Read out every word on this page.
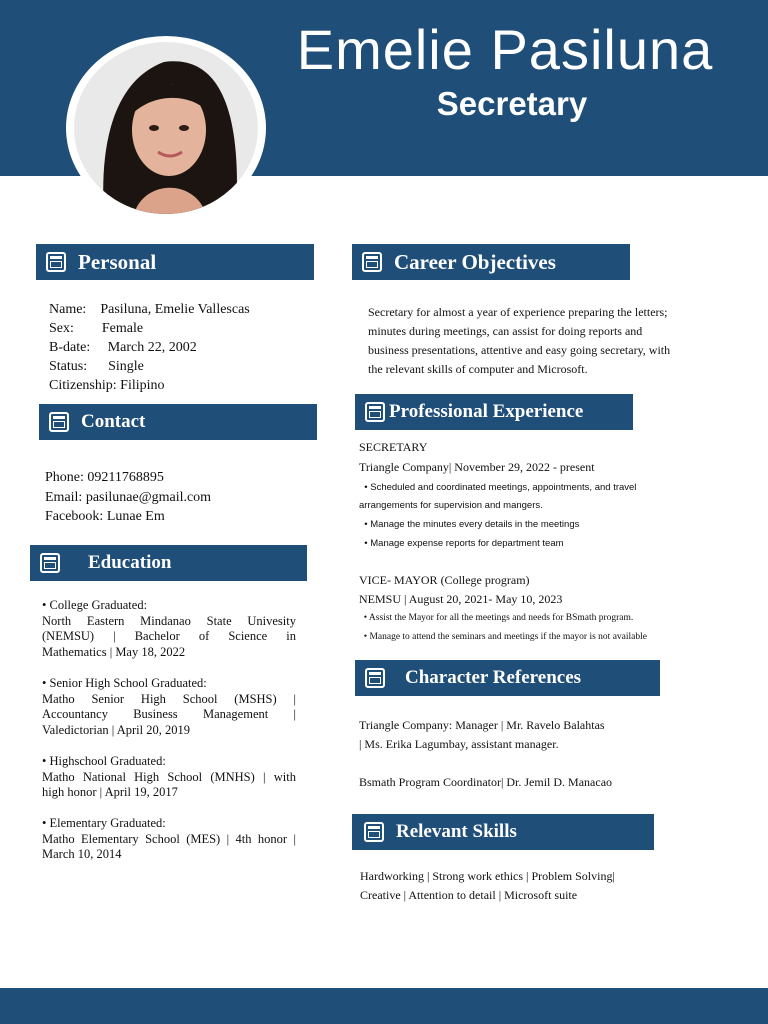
Emelie Pasiluna
Secretary
Personal
Name:    Pasiluna, Emelie Vallescas
Sex:        Female
B-date:     March 22, 2002
Status:      Single
Citizenship: Filipino
Contact
Phone: 09211768895
Email: pasilunae@gmail.com
Facebook: Lunae Em
Education
• College Graduated:
North Eastern Mindanao State Univesity
(NEMSU) | Bachelor of Science in
Mathematics | May 18, 2022
• Senior High School Graduated:
Matho Senior High School (MSHS) |
Accountancy Business Management |
Valedictorian | April 20, 2019
• Highschool Graduated:
Matho National High School (MNHS) | with
high honor | April 19, 2017
• Elementary Graduated:
Matho Elementary School (MES) | 4th honor |
March 10, 2014
Career Objectives
Secretary for almost a year of experience preparing the letters;
minutes during meetings, can assist for doing reports and
business presentations, attentive and easy going secretary, with
the relevant skills of computer and Microsoft.
Professional Experience
SECRETARY
Triangle Company| November 29, 2022 - present
• Scheduled and coordinated meetings, appointments, and travel
arrangements for supervision and mangers.
• Manage the minutes every details in the meetings
• Manage expense reports for department team
VICE- MAYOR (College program)
NEMSU | August 20, 2021- May 10, 2023
• Assist the Mayor for all the meetings and needs for BSmath program.
• Manage to attend the seminars and meetings if the mayor is not available
Character References
Triangle Company: Manager | Mr. Ravelo Balahtas
| Ms. Erika Lagumbay, assistant manager.
Bsmath Program Coordinator| Dr. Jemil D. Manacao
Relevant Skills
Hardworking | Strong work ethics | Problem Solving|
Creative | Attention to detail | Microsoft suite
